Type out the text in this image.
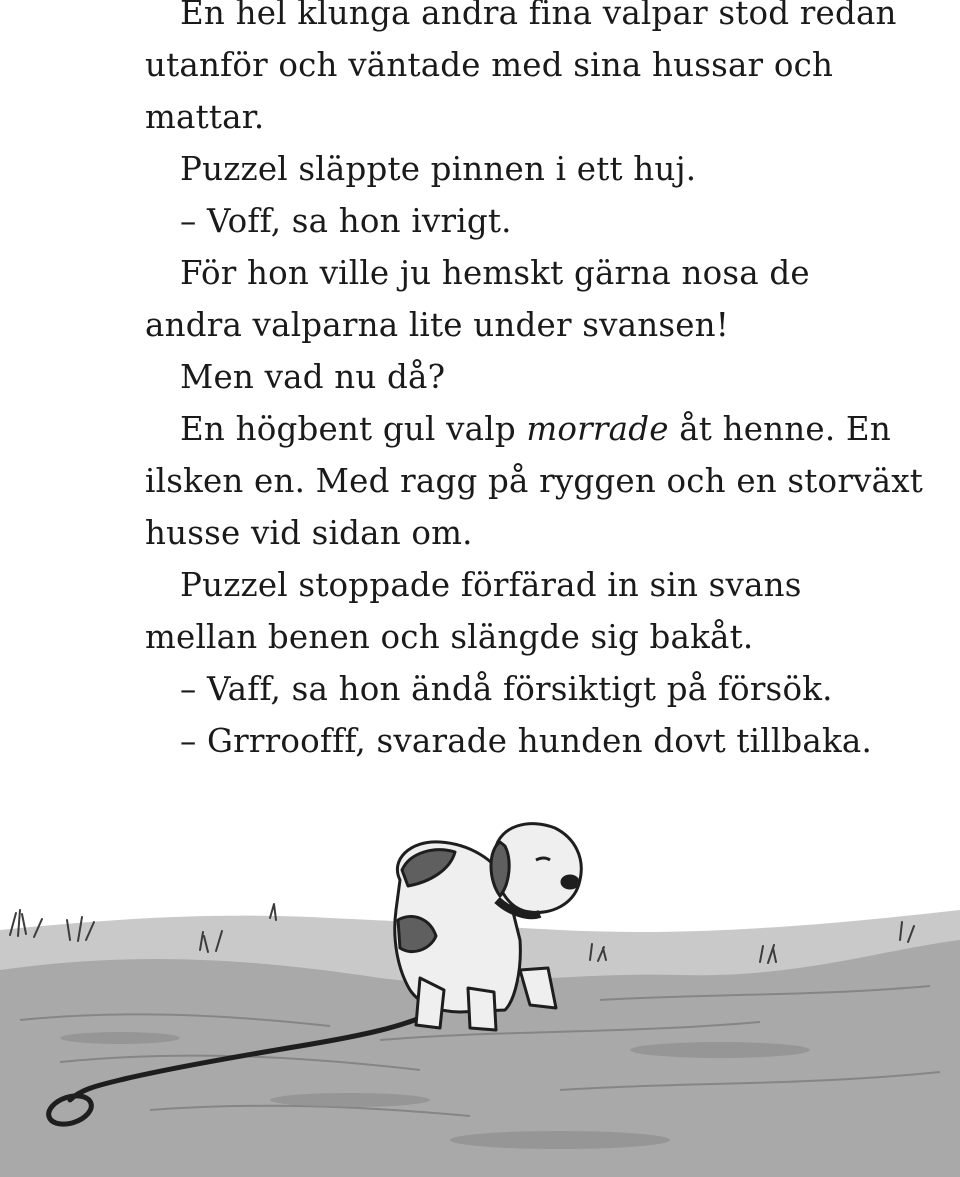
En hel klunga andra fina valpar stod redan
utanför och väntade med sina hussar och
mattar.
Puzzel släppte pinnen i ett huj.
– Voff, sa hon ivrigt.
För hon ville ju hemskt gärna nosa de
andra valparna lite under svansen!
Men vad nu då?
En högbent gul valp morrade åt henne. En
ilsken en. Med ragg på ryggen och en storväxt
husse vid sidan om.
Puzzel stoppade förfärad in sin svans
mellan benen och slängde sig bakåt.
– Vaff, sa hon ändå försiktigt på försök.
– Grrroofff, svarade hunden dovt tillbaka.
